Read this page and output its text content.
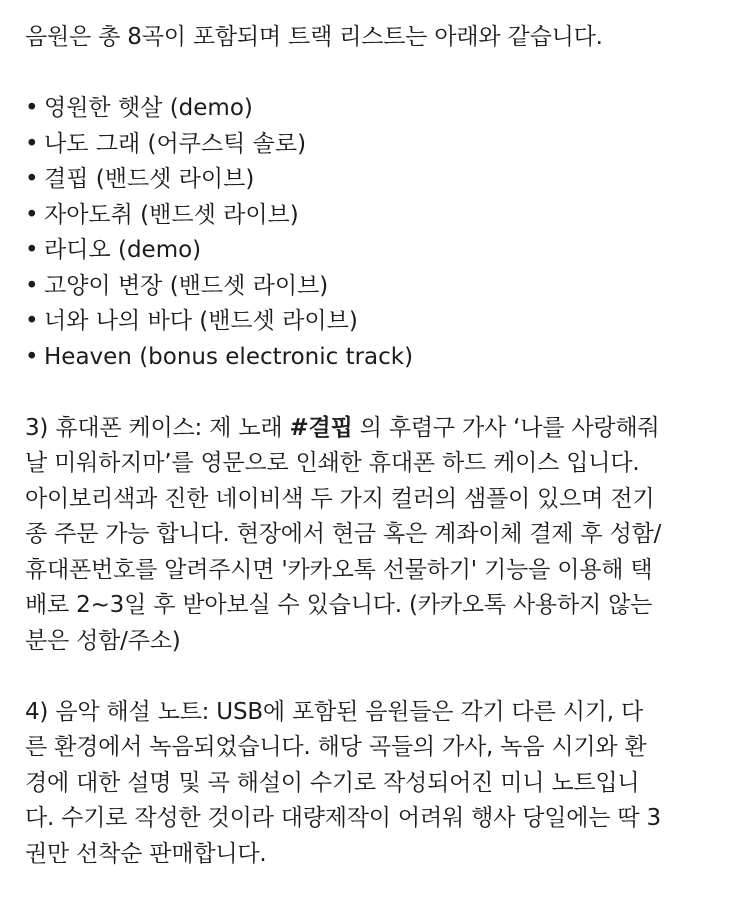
음원은 총 8곡이 포함되며 트랙 리스트는 아래와 같습니다.
• 영원한 햇살 (demo)
• 나도 그래 (어쿠스틱 솔로)
• 결핍 (밴드셋 라이브)
• 자아도취 (밴드셋 라이브)
• 라디오 (demo)
• 고양이 변장 (밴드셋 라이브)
• 너와 나의 바다 (밴드셋 라이브)
• Heaven (bonus electronic track)
3) 휴대폰 케이스: 제 노래 #결핍 의 후렴구 가사 ‘나를 사랑해줘
날 미워하지마’를 영문으로 인쇄한 휴대폰 하드 케이스 입니다.
아이보리색과 진한 네이비색 두 가지 컬러의 샘플이 있으며 전기
종 주문 가능 합니다. 현장에서 현금 혹은 계좌이체 결제 후 성함/
휴대폰번호를 알려주시면 '카카오톡 선물하기' 기능을 이용해 택
배로 2~3일 후 받아보실 수 있습니다. (카카오톡 사용하지 않는
분은 성함/주소)
4) 음악 해설 노트: USB에 포함된 음원들은 각기 다른 시기, 다
른 환경에서 녹음되었습니다. 해당 곡들의 가사, 녹음 시기와 환
경에 대한 설명 및 곡 해설이 수기로 작성되어진 미니 노트입니
다. 수기로 작성한 것이라 대량제작이 어려워 행사 당일에는 딱 3
권만 선착순 판매합니다.
